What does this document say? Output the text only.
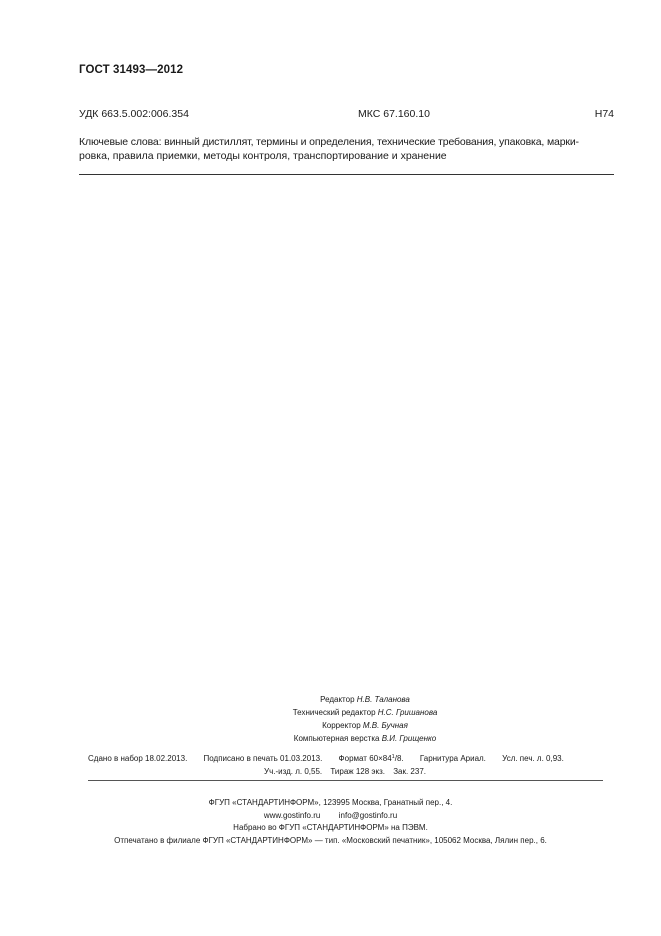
ГОСТ 31493—2012
УДК 663.5.002:006.354	МКС 67.160.10	Н74
Ключевые слова: винный дистиллят, термины и определения, технические требования, упаковка, марки-
ровка, правила приемки, методы контроля, транспортирование и хранение
Редактор Н.В. Таланова
Технический редактор Н.С. Гришанова
Корректор М.В. Бучная
Компьютерная верстка В.И. Грищенко
Сдано в набор 18.02.2013. Подписано в печать 01.03.2013. Формат $60\times 84^1/8$. Гарнитура Ариал. Усл. печ. л. 0,93.
Уч.-изд. л. 0,55. Тираж 128 экз. Зак. 237.
ФГУП «СТАНДАРТИНФОРМ», 123995 Москва, Гранатный пер., 4.
www.gostinfo.ru info@gostinfo.ru
Набрано во ФГУП «СТАНДАРТИНФОРМ» на ПЭВМ.
Отпечатано в филиале ФГУП «СТАНДАРТИНФОРМ» — тип. «Московский печатник», 105062 Москва, Лялин пер., 6.
